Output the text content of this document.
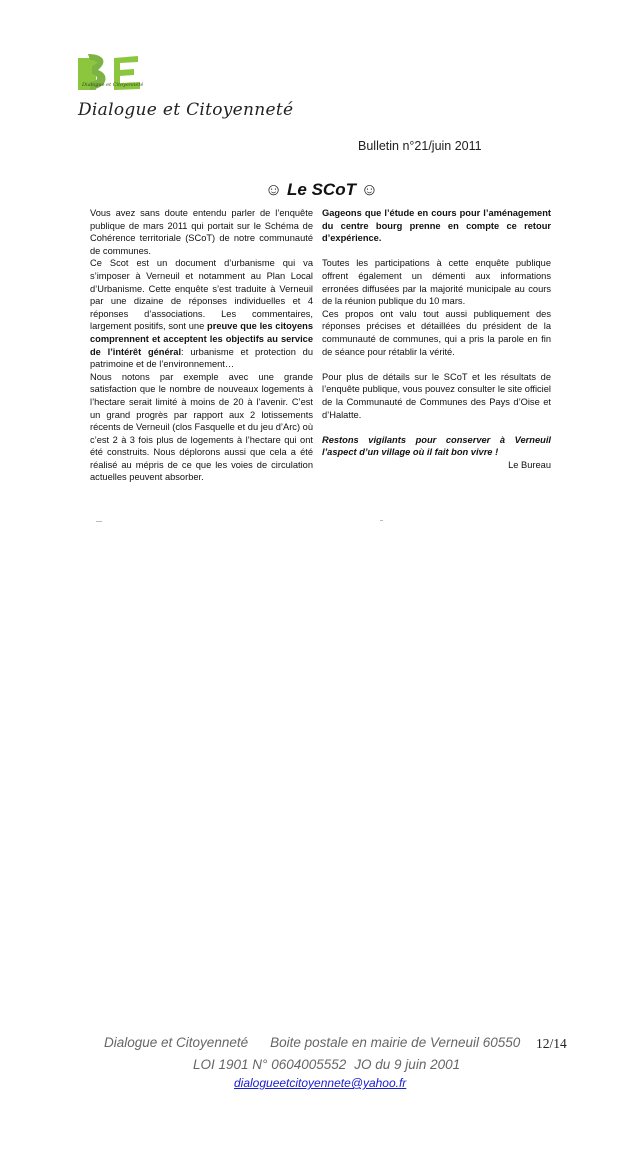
Dialogue et Citoyenneté
Dialogue et Citoyenneté
Bulletin n°21/juin 2011
☺ Le SCoT ☺

Vous avez sans doute entendu parler de l’enquête publique de mars 2011 qui portait sur le Schéma de Cohérence territoriale (SCoT) de notre communauté de communes.

Ce Scot est un document d’urbanisme qui va s’imposer à Verneuil et notamment au Plan Local d’Urbanisme. Cette enquête s’est traduite à Verneuil par une dizaine de réponses individuelles et 4 réponses d’associations. Les commentaires, largement positifs, sont une preuve que les citoyens comprennent et acceptent les objectifs au service de l’intérêt général: urbanisme et protection du patrimoine et de l’environnement…

Nous notons par exemple avec une grande satisfaction que le nombre de nouveaux logements à l’hectare serait limité à moins de 20 à l’avenir. C’est un grand progrès par rapport aux 2 lotissements récents de Verneuil (clos Fasquelle et du jeu d’Arc) où c’est 2 à 3 fois plus de logements à l’hectare qui ont été construits. Nous déplorons aussi que cela a été réalisé au mépris de ce que les voies de circulation actuelles peuvent absorber.

Gageons que l’étude en cours pour l’aménagement du centre bourg prenne en compte ce retour d’expérience.

Toutes les participations à cette enquête publique offrent également un démenti aux informations erronées diffusées par la majorité municipale au cours de la réunion publique du 10 mars.

Ces propos ont valu tout aussi publiquement des réponses précises et détaillées du président de la communauté de communes, qui a pris la parole en fin de séance pour rétablir la vérité.

Pour plus de détails sur le SCoT et les résultats de l’enquête publique, vous pouvez consulter le site officiel de la Communauté de Communes des Pays d’Oise et d’Halatte.

Restons vigilants pour conserver à Verneuil l’aspect d’un village où il fait bon vivre !

Le Bureau

Dialogue et Citoyenneté Boite postale en mairie de Verneuil 60550 12/14
LOI 1901 N° 0604005552 JO du 9 juin 2001
dialogueetcitoyennete@yahoo.fr
